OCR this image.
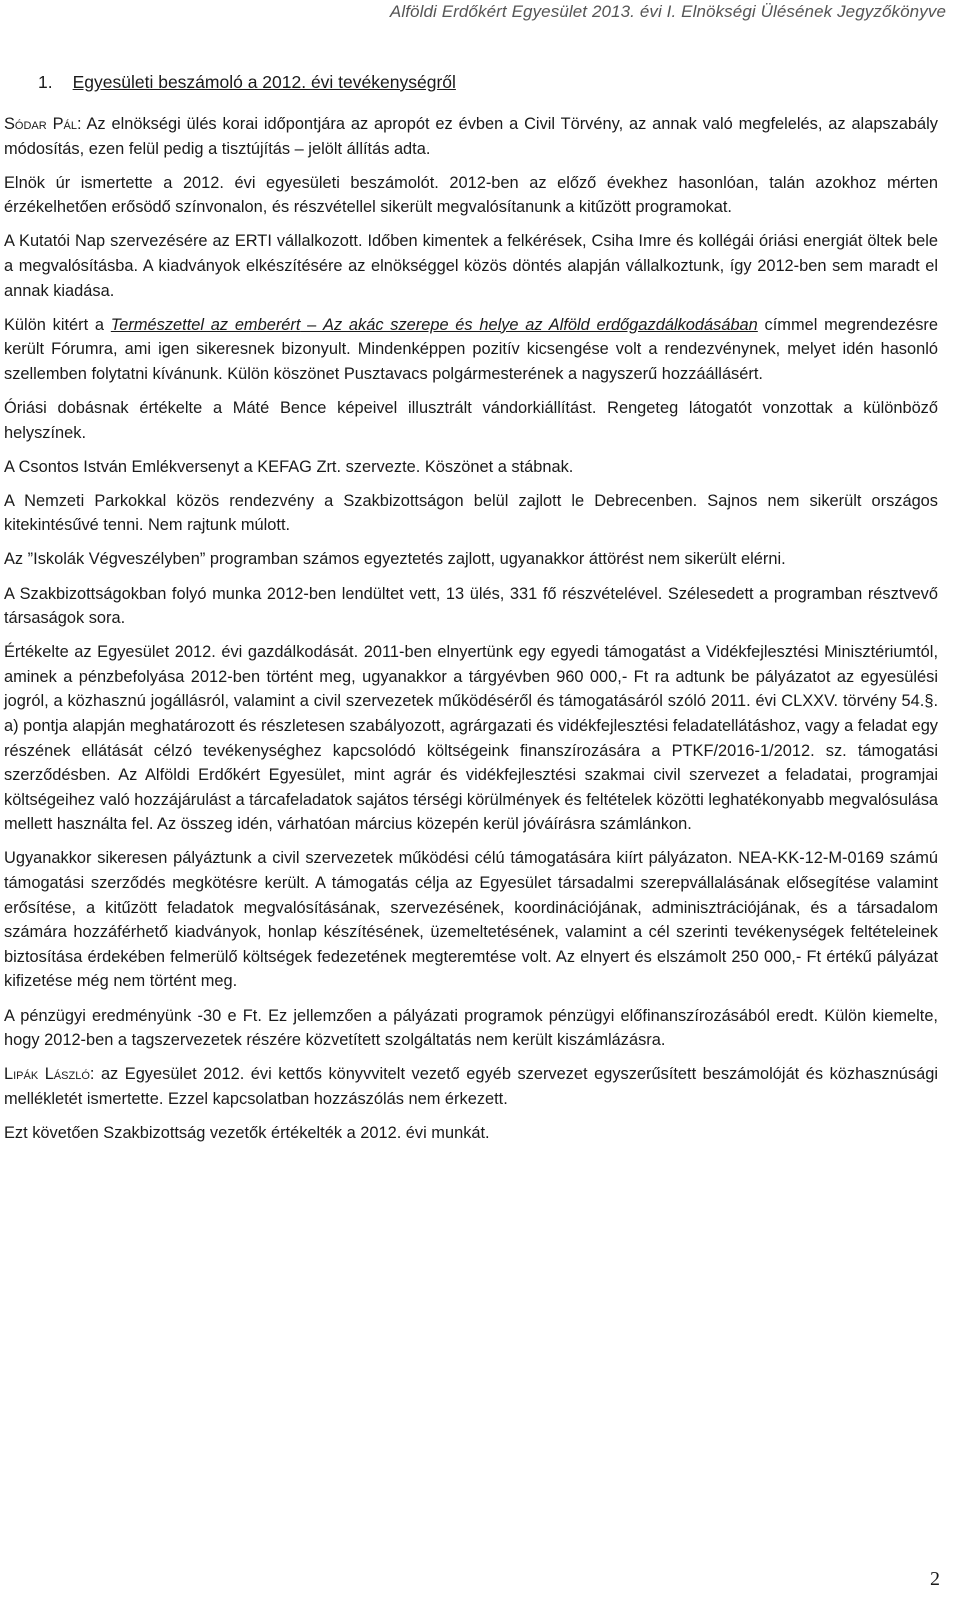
Alföldi Erdőkért Egyesület 2013. évi I. Elnökségi Ülésének Jegyzőkönyve
1. Egyesületi beszámoló a 2012. évi tevékenységről

Sódar Pál: Az elnökségi ülés korai időpontjára az apropót ez évben a Civil Törvény, az annak való megfelelés, az alapszabály módosítás, ezen felül pedig a tisztújítás – jelölt állítás adta.

Elnök úr ismertette a 2012. évi egyesületi beszámolót. 2012-ben az előző évekhez hasonlóan, talán azokhoz mérten érzékelhetően erősödő színvonalon, és részvétellel sikerült megvalósítanunk a kitűzött programokat.

A Kutatói Nap szervezésére az ERTI vállalkozott. Időben kimentek a felkérések, Csiha Imre és kollégái óriási energiát öltek bele a megvalósításba. A kiadványok elkészítésére az elnökséggel közös döntés alapján vállalkoztunk, így 2012-ben sem maradt el annak kiadása.

Külön kitért a Természettel az emberért – Az akác szerepe és helye az Alföld erdőgazdálkodásában címmel megrendezésre került Fórumra, ami igen sikeresnek bizonyult. Mindenképpen pozitív kicsengése volt a rendezvénynek, melyet idén hasonló szellemben folytatni kívánunk. Külön köszönet Pusztavacs polgármesterének a nagyszerű hozzáállásért.

Óriási dobásnak értékelte a Máté Bence képeivel illusztrált vándorkiállítást. Rengeteg látogatót vonzottak a különböző helyszínek.

A Csontos István Emlékversenyt a KEFAG Zrt. szervezte. Köszönet a stábnak.

A Nemzeti Parkokkal közös rendezvény a Szakbizottságon belül zajlott le Debrecenben. Sajnos nem sikerült országos kitekintésűvé tenni. Nem rajtunk múlott.

Az ”Iskolák Végveszélyben” programban számos egyeztetés zajlott, ugyanakkor áttörést nem sikerült elérni.

A Szakbizottságokban folyó munka 2012-ben lendültet vett, 13 ülés, 331 fő részvételével. Szélesedett a programban résztvevő társaságok sora.

Értékelte az Egyesület 2012. évi gazdálkodását. 2011-ben elnyertünk egy egyedi támogatást a Vidékfejlesztési Minisztériumtól, aminek a pénzbefolyása 2012-ben történt meg, ugyanakkor a tárgyévben 960 000,- Ft ra adtunk be pályázatot az egyesülési jogról, a közhasznú jogállásról, valamint a civil szervezetek működéséről és támogatásáról szóló 2011. évi CLXXV. törvény 54.§. a) pontja alapján meghatározott és részletesen szabályozott, agrárgazati és vidékfejlesztési feladatellátáshoz, vagy a feladat egy részének ellátását célzó tevékenységhez kapcsolódó költségeink finanszírozására a PTKF/2016-1/2012. sz. támogatási szerződésben. Az Alföldi Erdőkért Egyesület, mint agrár és vidékfejlesztési szakmai civil szervezet a feladatai, programjai költségeihez való hozzájárulást a tárcafeladatok sajátos térségi körülmények és feltételek közötti leghatékonyabb megvalósulása mellett használta fel. Az összeg idén, várhatóan március közepén kerül jóváírásra számlánkon.

Ugyanakkor sikeresen pályáztunk a civil szervezetek működési célú támogatására kiírt pályázaton. NEA-KK-12-M-0169 számú támogatási szerződés megkötésre került. A támogatás célja az Egyesület társadalmi szerepvállalásának elősegítése valamint erősítése, a kitűzött feladatok megvalósításának, szervezésének, koordinációjának, adminisztrációjának, és a társadalom számára hozzáférhető kiadványok, honlap készítésének, üzemeltetésének, valamint a cél szerinti tevékenységek feltételeinek biztosítása érdekében felmerülő költségek fedezetének megteremtése volt. Az elnyert és elszámolt 250 000,- Ft értékű pályázat kifizetése még nem történt meg.

A pénzügyi eredményünk -30 e Ft. Ez jellemzően a pályázati programok pénzügyi előfinanszírozásából eredt. Külön kiemelte, hogy 2012-ben a tagszervezetek részére közvetített szolgáltatás nem került kiszámlázásra.

Lipák László: az Egyesület 2012. évi kettős könyvvitelt vezető egyéb szervezet egyszerűsített beszámolóját és közhasznúsági mellékletét ismertette. Ezzel kapcsolatban hozzászólás nem érkezett.

Ezt követően Szakbizottság vezetők értékelték a 2012. évi munkát.

2
